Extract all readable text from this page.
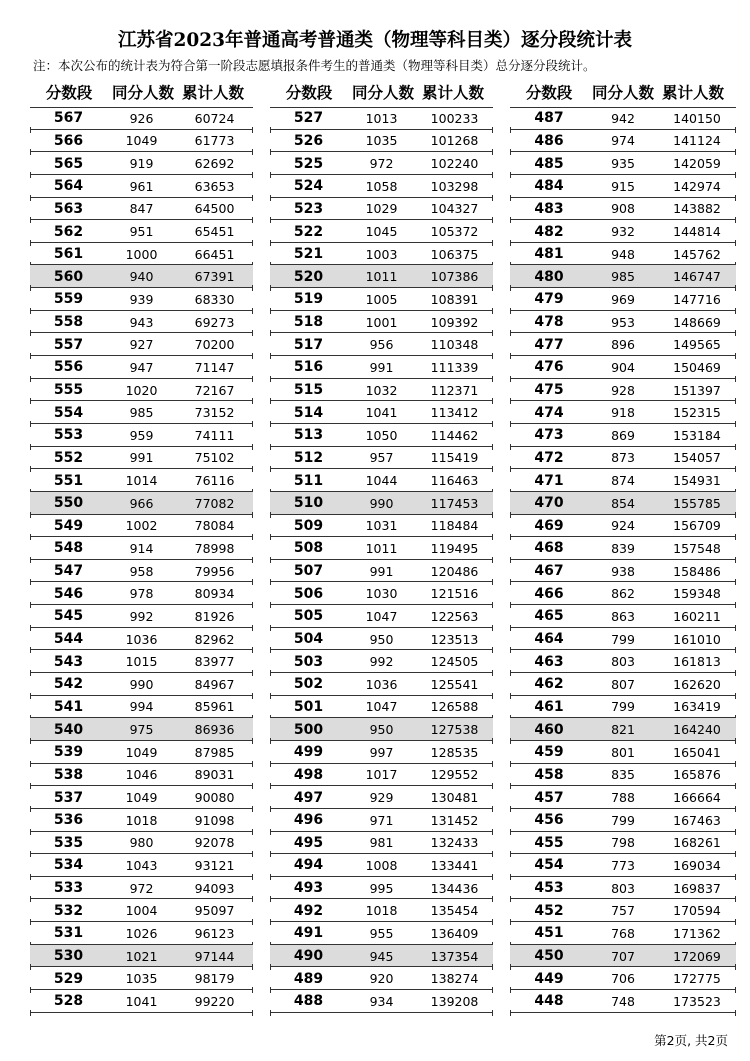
江苏省2023年普通高考普通类（物理等科目类）逐分段统计表
注：本次公布的统计表为符合第一阶段志愿填报条件考生的普通类（物理等科目类）总分逐分段统计。
分数段	同分人数 累计人数
567	926	60724
566	1049	61773
565	919	62692
564	961	63653
563	847	64500
562	951	65451
561	1000	66451
560	940	67391
559	939	68330
558	943	69273
557	927	70200
556	947	71147
555	1020	72167
554	985	73152
553	959	74111
552	991	75102
551	1014	76116
550	966	77082
549	1002	78084
548	914	78998
547	958	79956
546	978	80934
545	992	81926
544	1036	82962
543	1015	83977
542	990	84967
541	994	85961
540	975	86936
539	1049	87985
538	1046	89031
537	1049	90080
536	1018	91098
535	980	92078
534	1043	93121
533	972	94093
532	1004	95097
531	1026	96123
530	1021	97144
529	1035	98179
528	1041	99220
分数段	同分人数 累计人数
527	1013	100233
526	1035	101268
525	972	102240
524	1058	103298
523	1029	104327
522	1045	105372
521	1003	106375
520	1011	107386
519	1005	108391
518	1001	109392
517	956	110348
516	991	111339
515	1032	112371
514	1041	113412
513	1050	114462
512	957	115419
511	1044	116463
510	990	117453
509	1031	118484
508	1011	119495
507	991	120486
506	1030	121516
505	1047	122563
504	950	123513
503	992	124505
502	1036	125541
501	1047	126588
500	950	127538
499	997	128535
498	1017	129552
497	929	130481
496	971	131452
495	981	132433
494	1008	133441
493	995	134436
492	1018	135454
491	955	136409
490	945	137354
489	920	138274
488	934	139208
分数段	同分人数 累计人数
487	942	140150
486	974	141124
485	935	142059
484	915	142974
483	908	143882
482	932	144814
481	948	145762
480	985	146747
479	969	147716
478	953	148669
477	896	149565
476	904	150469
475	928	151397
474	918	152315
473	869	153184
472	873	154057
471	874	154931
470	854	155785
469	924	156709
468	839	157548
467	938	158486
466	862	159348
465	863	160211
464	799	161010
463	803	161813
462	807	162620
461	799	163419
460	821	164240
459	801	165041
458	835	165876
457	788	166664
456	799	167463
455	798	168261
454	773	169034
453	803	169837
452	757	170594
451	768	171362
450	707	172069
449	706	172775
448	748	173523
第2页, 共2页
